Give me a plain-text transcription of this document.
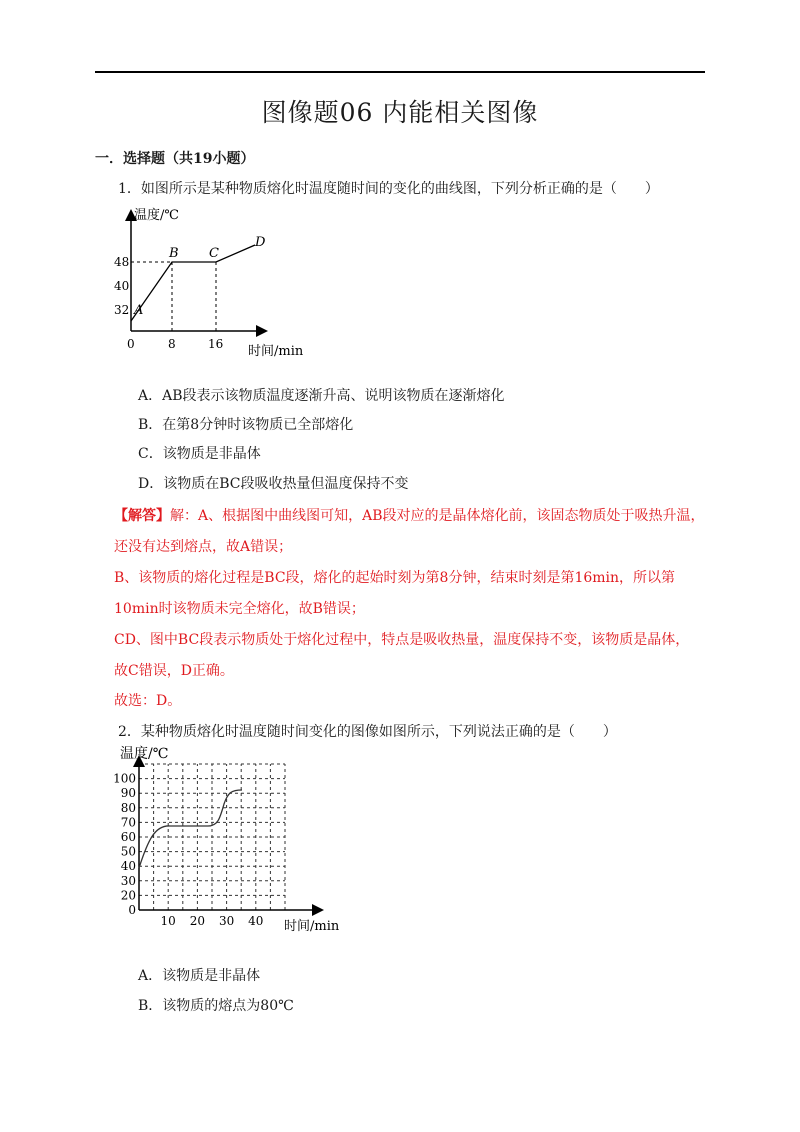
图像题06 内能相关图像
一．选择题（共19小题）
1．如图所示是某种物质熔化时温度随时间的变化的曲线图，下列分析正确的是（　　）
温度/℃
时间/min
48
40
32
0	8	16
A
B C
D
A．AB段表示该物质温度逐渐升高、说明该物质在逐渐熔化
B．在第8分钟时该物质已全部熔化
C．该物质是非晶体
D．该物质在BC段吸收热量但温度保持不变
【解答】解：A、根据图中曲线图可知，AB段对应的是晶体熔化前，该固态物质处于吸热升温，
还没有达到熔点，故A错误；
B、该物质的熔化过程是BC段，熔化的起始时刻为第8分钟，结束时刻是第16min，所以第
10min时该物质未完全熔化，故B错误；
CD、图中BC段表示物质处于熔化过程中，特点是吸收热量，温度保持不变，该物质是晶体，
故C错误，D正确。
故选：D。
2．某种物质熔化时温度随时间变化的图像如图所示，下列说法正确的是（　　）
温度/℃
时间/min
100
90
80
70
60
50
40
30
20
0
10 20 30 40
A．该物质是非晶体
B．该物质的熔点为80℃
